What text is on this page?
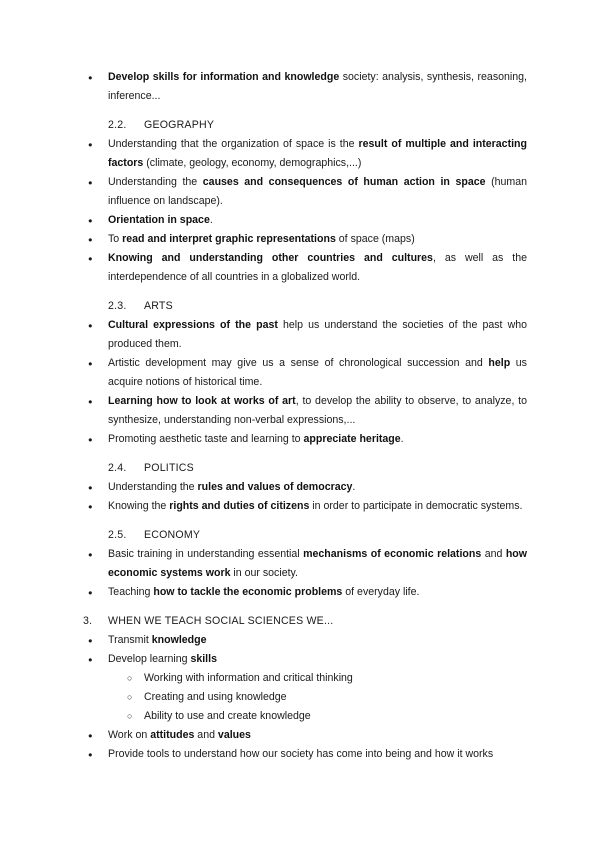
● Develop skills for information and knowledge society: analysis, synthesis, reasoning, inference...
2.2. GEOGRAPHY
● Understanding that the organization of space is the result of multiple and interacting factors (climate, geology, economy, demographics,...)
● Understanding the causes and consequences of human action in space (human influence on landscape).
● Orientation in space.
● To read and interpret graphic representations of space (maps)
● Knowing and understanding other countries and cultures, as well as the interdependence of all countries in a globalized world.
2.3. ARTS
● Cultural expressions of the past help us understand the societies of the past who produced them.
● Artistic development may give us a sense of chronological succession and help us acquire notions of historical time.
● Learning how to look at works of art, to develop the ability to observe, to analyze, to synthesize, understanding non-verbal expressions,...
● Promoting aesthetic taste and learning to appreciate heritage.
2.4. POLITICS
● Understanding the rules and values of democracy.
● Knowing the rights and duties of citizens in order to participate in democratic systems.
2.5. ECONOMY
● Basic training in understanding essential mechanisms of economic relations and how economic systems work in our society.
● Teaching how to tackle the economic problems of everyday life.
3. WHEN WE TEACH SOCIAL SCIENCES WE...
● Transmit knowledge
● Develop learning skills
○ Working with information and critical thinking
○ Creating and using knowledge
○ Ability to use and create knowledge
● Work on attitudes and values
● Provide tools to understand how our society has come into being and how it works
